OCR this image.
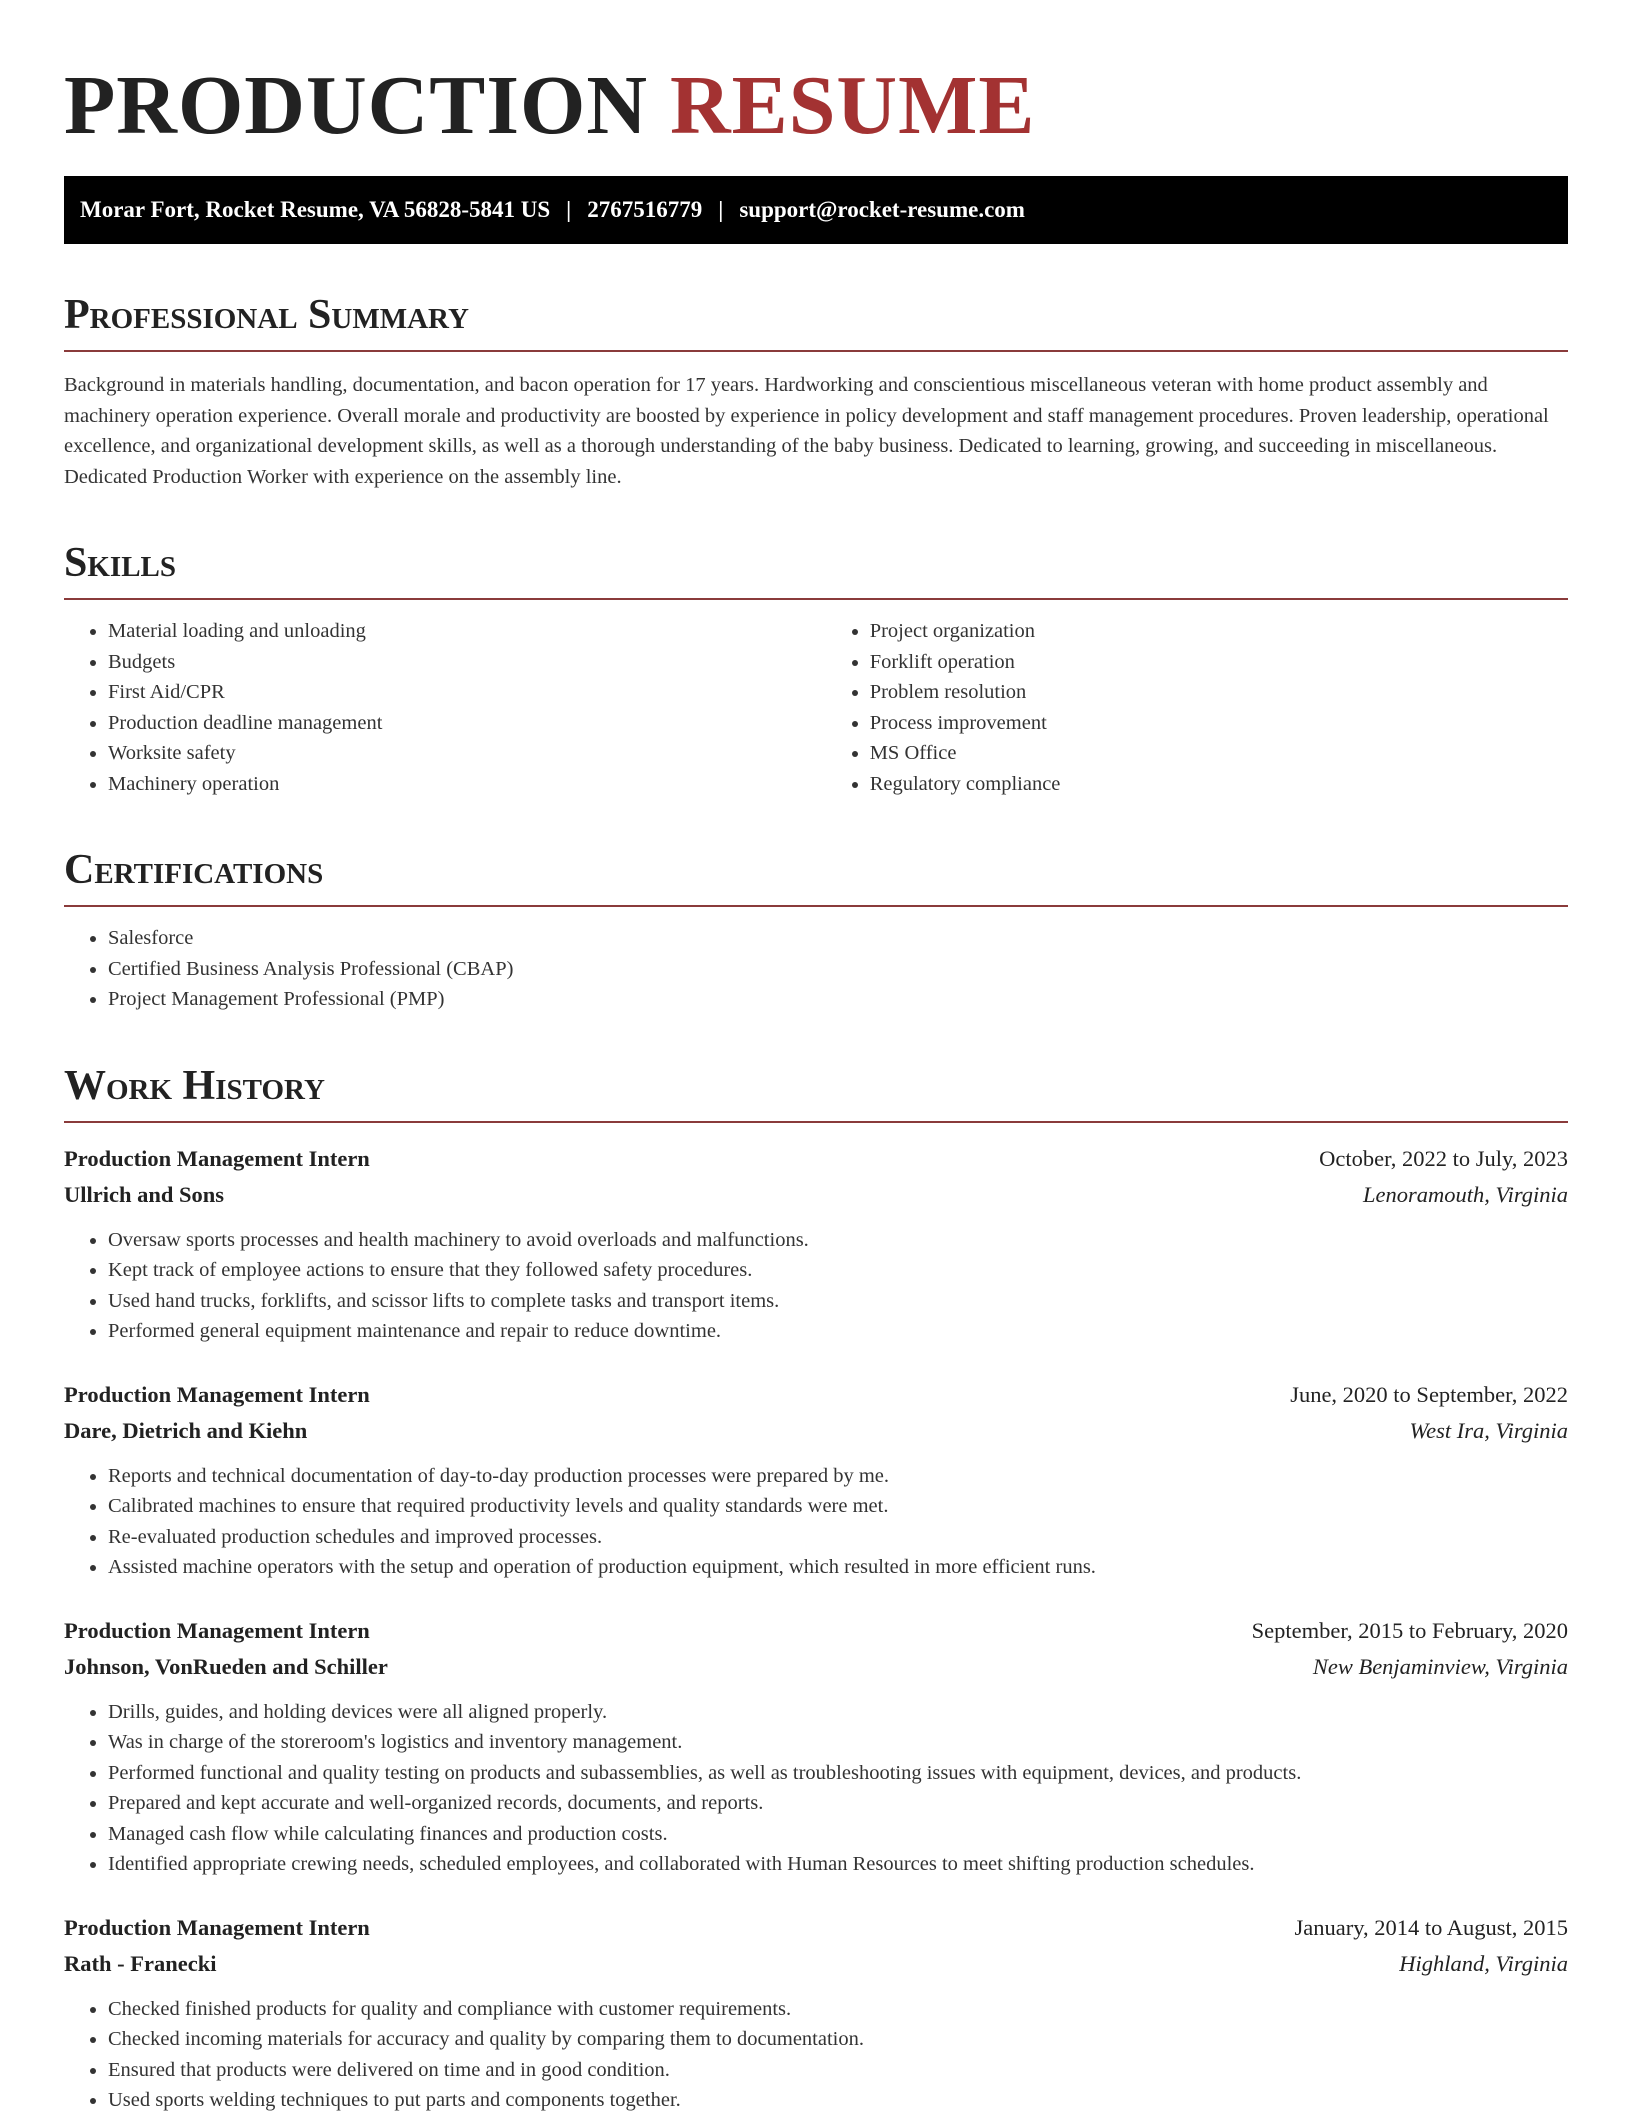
PRODUCTION RESUME
Morar Fort, Rocket Resume, VA 56828-5841 US | 2767516779 | support@rocket-resume.com
Professional Summary

Background in materials handling, documentation, and bacon operation for 17 years. Hardworking and conscientious miscellaneous veteran with home product assembly and machinery operation experience. Overall morale and productivity are boosted by experience in policy development and staff management procedures. Proven leadership, operational excellence, and organizational development skills, as well as a thorough understanding of the baby business. Dedicated to learning, growing, and succeeding in miscellaneous. Dedicated Production Worker with experience on the assembly line.

Skills
• Material loading and unloading
• Budgets
• First Aid/CPR
• Production deadline management
• Worksite safety
• Machinery operation
• Project organization
• Forklift operation
• Problem resolution
• Process improvement
• MS Office
• Regulatory compliance
Certifications
• Salesforce
• Certified Business Analysis Professional (CBAP)
• Project Management Professional (PMP)
Work History
Production Management Intern	October, 2022 to July, 2023
Ullrich and Sons	Lenoramouth, Virginia
• Oversaw sports processes and health machinery to avoid overloads and malfunctions.
• Kept track of employee actions to ensure that they followed safety procedures.
• Used hand trucks, forklifts, and scissor lifts to complete tasks and transport items.
• Performed general equipment maintenance and repair to reduce downtime.
Production Management Intern	June, 2020 to September, 2022
Dare, Dietrich and Kiehn	West Ira, Virginia
• Reports and technical documentation of day-to-day production processes were prepared by me.
• Calibrated machines to ensure that required productivity levels and quality standards were met.
• Re-evaluated production schedules and improved processes.
• Assisted machine operators with the setup and operation of production equipment, which resulted in more efficient runs.
Production Management Intern	September, 2015 to February, 2020
Johnson, VonRueden and Schiller	New Benjaminview, Virginia
• Drills, guides, and holding devices were all aligned properly.
• Was in charge of the storeroom's logistics and inventory management.
• Performed functional and quality testing on products and subassemblies, as well as troubleshooting issues with equipment, devices, and products.
• Prepared and kept accurate and well-organized records, documents, and reports.
• Managed cash flow while calculating finances and production costs.
• Identified appropriate crewing needs, scheduled employees, and collaborated with Human Resources to meet shifting production schedules.
Production Management Intern	January, 2014 to August, 2015
Rath - Franecki	Highland, Virginia
• Checked finished products for quality and compliance with customer requirements.
• Checked incoming materials for accuracy and quality by comparing them to documentation.
• Ensured that products were delivered on time and in good condition.
• Used sports welding techniques to put parts and components together.
